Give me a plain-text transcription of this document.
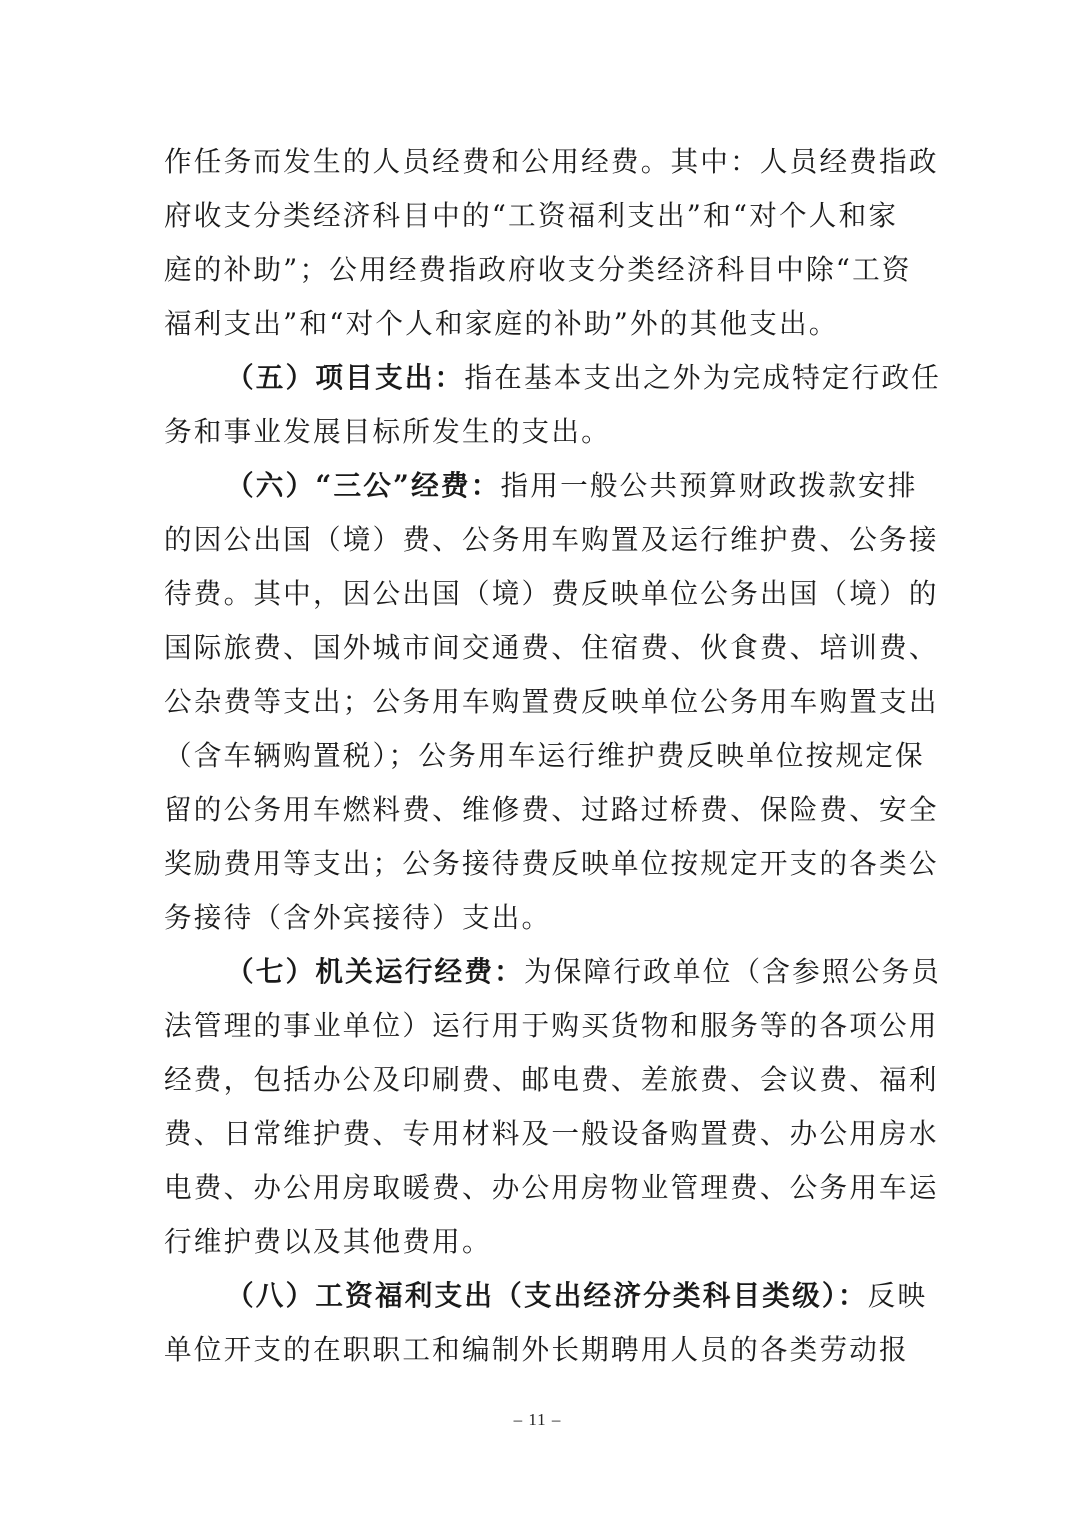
作任务而发生的人员经费和公用经费。其中：人员经费指政
府收支分类经济科目中的“工资福利支出”和“对个人和家
庭的补助”；公用经费指政府收支分类经济科目中除“工资
福利支出”和“对个人和家庭的补助”外的其他支出。
（五）项目支出：指在基本支出之外为完成特定行政任
务和事业发展目标所发生的支出。
（六）“三公”经费：指用一般公共预算财政拨款安排
的因公出国（境）费、公务用车购置及运行维护费、公务接
待费。其中，因公出国（境）费反映单位公务出国（境）的
国际旅费、国外城市间交通费、住宿费、伙食费、培训费、
公杂费等支出；公务用车购置费反映单位公务用车购置支出
（含车辆购置税）；公务用车运行维护费反映单位按规定保
留的公务用车燃料费、维修费、过路过桥费、保险费、安全
奖励费用等支出；公务接待费反映单位按规定开支的各类公
务接待（含外宾接待）支出。
（七）机关运行经费：为保障行政单位（含参照公务员
法管理的事业单位）运行用于购买货物和服务等的各项公用
经费，包括办公及印刷费、邮电费、差旅费、会议费、福利
费、日常维护费、专用材料及一般设备购置费、办公用房水
电费、办公用房取暖费、办公用房物业管理费、公务用车运
行维护费以及其他费用。
（八）工资福利支出（支出经济分类科目类级）：反映
单位开支的在职职工和编制外长期聘用人员的各类劳动报
– 11 –
